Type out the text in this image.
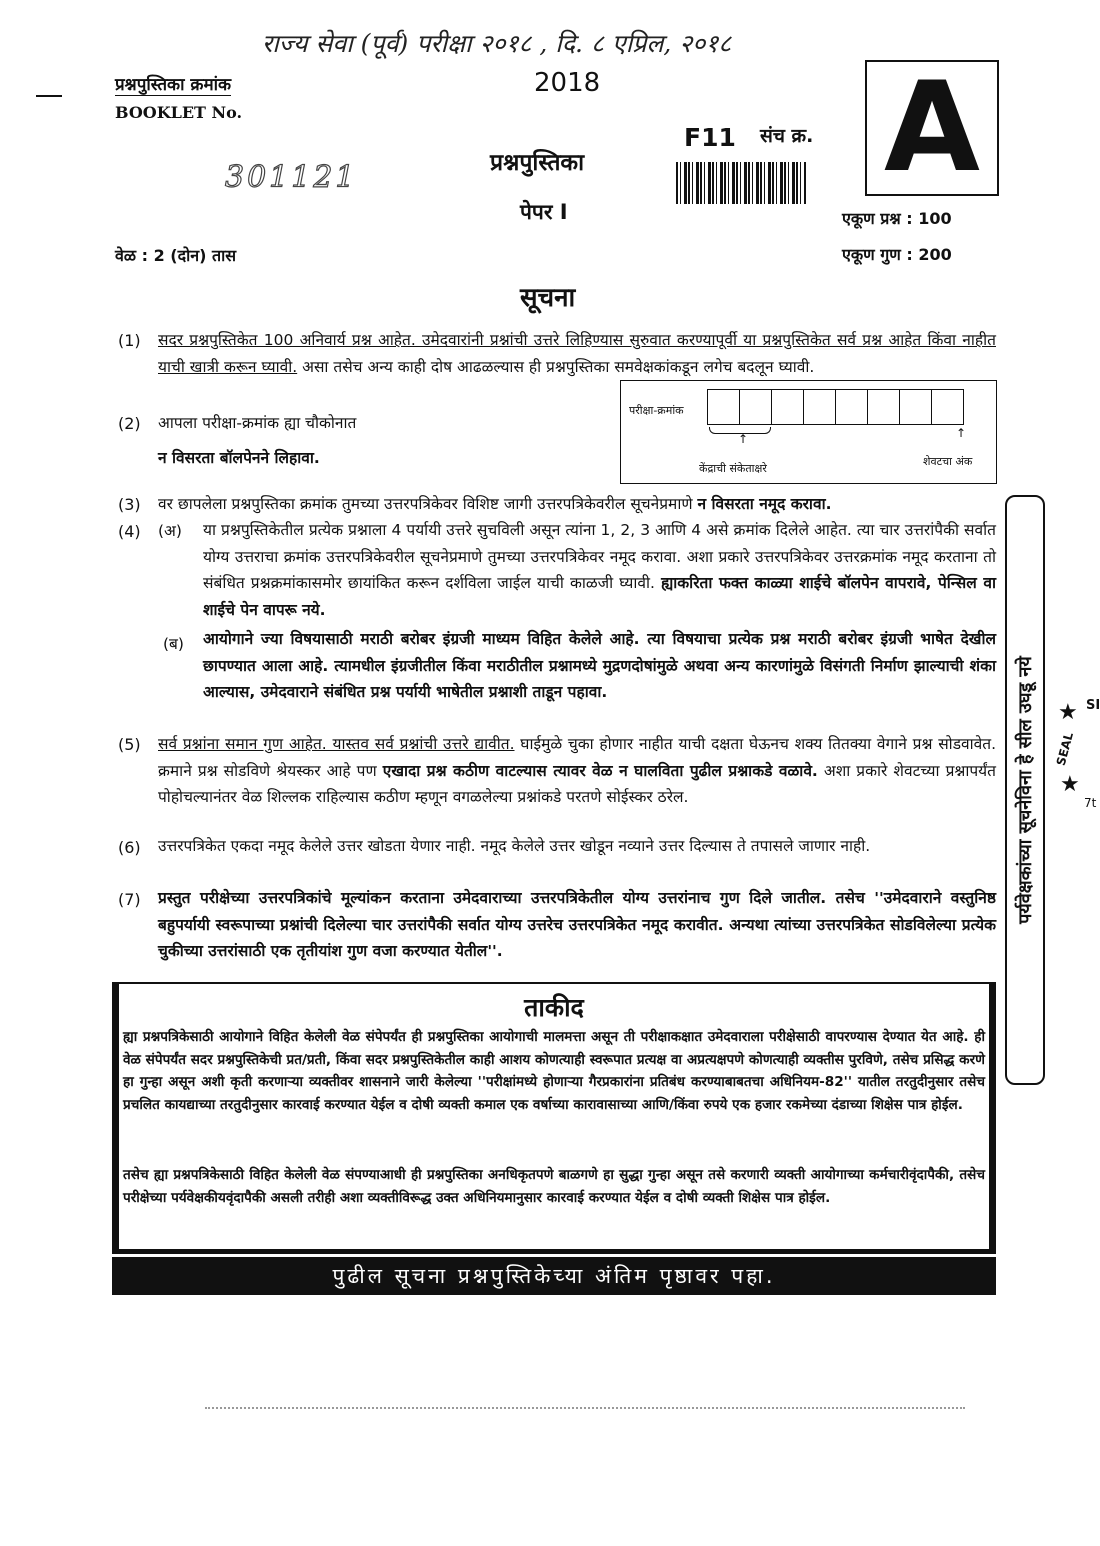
राज्य सेवा (पूर्व) परीक्षा २०१८ , दि. ८ एप्रिल, २०१८
प्रश्नपुस्तिका क्रमांक
BOOKLET No.
301121
2018
प्रश्नपुस्तिका
पेपर I
F11 संच क्र. A
एकूण प्रश्न : 100
एकूण गुण : 200
वेळ : 2 (दोन) तास
सूचना
(1) सदर प्रश्नपुस्तिकेत 100 अनिवार्य प्रश्न आहेत. उमेदवारांनी प्रश्नांची उत्तरे लिहिण्यास सुरुवात करण्यापूर्वी या प्रश्नपुस्तिकेत सर्व प्रश्न आहेत किंवा नाहीत याची खात्री करून घ्यावी. असा तसेच अन्य काही दोष आढळल्यास ही प्रश्नपुस्तिका समवेक्षकांकडून लगेच बदलून घ्यावी.
(2) आपला परीक्षा-क्रमांक ह्या चौकोनात
न विसरता बॉलपेनने लिहावा.
परीक्षा-क्रमांक
↑	↑
केंद्राची संकेताक्षरे
शेवटचा अंक
(3) वर छापलेला प्रश्नपुस्तिका क्रमांक तुमच्या उत्तरपत्रिकेवर विशिष्ट जागी उत्तरपत्रिकेवरील सूचनेप्रमाणे न विसरता नमूद करावा.
(4) (अ) या प्रश्नपुस्तिकेतील प्रत्येक प्रश्नाला 4 पर्यायी उत्तरे सुचविली असून त्यांना 1, 2, 3 आणि 4 असे क्रमांक दिलेले आहेत. त्या चार उत्तरांपैकी सर्वात योग्य उत्तराचा क्रमांक उत्तरपत्रिकेवरील सूचनेप्रमाणे तुमच्या उत्तरपत्रिकेवर नमूद करावा. अशा प्रकारे उत्तरपत्रिकेवर उत्तरक्रमांक नमूद करताना तो संबंधित प्रश्नक्रमांकासमोर छायांकित करून दर्शविला जाईल याची काळजी घ्यावी. ह्याकरिता फक्त काळ्या शाईचे बॉलपेन वापरावे, पेन्सिल वा शाईचे पेन वापरू नये.
(ब) आयोगाने ज्या विषयासाठी मराठी बरोबर इंग्रजी माध्यम विहित केलेले आहे. त्या विषयाचा प्रत्येक प्रश्न मराठी बरोबर इंग्रजी भाषेत देखील छापण्यात आला आहे. त्यामधील इंग्रजीतील किंवा मराठीतील प्रश्नामध्ये मुद्रणदोषांमुळे अथवा अन्य कारणांमुळे विसंगती निर्माण झाल्याची शंका आल्यास, उमेदवाराने संबंधित प्रश्न पर्यायी भाषेतील प्रश्नाशी ताडून पहावा.
(5) सर्व प्रश्नांना समान गुण आहेत. यास्तव सर्व प्रश्नांची उत्तरे द्यावीत. घाईमुळे चुका होणार नाहीत याची दक्षता घेऊनच शक्य तितक्या वेगाने प्रश्न सोडवावेत. क्रमाने प्रश्न सोडविणे श्रेयस्कर आहे पण एखादा प्रश्न कठीण वाटल्यास त्यावर वेळ न घालविता पुढील प्रश्नाकडे वळावे. अशा प्रकारे शेवटच्या प्रश्नापर्यंत पोहोचल्यानंतर वेळ शिल्लक राहिल्यास कठीण म्हणून वगळलेल्या प्रश्नांकडे परतणे सोईस्कर ठरेल.
(6) उत्तरपत्रिकेत एकदा नमूद केलेले उत्तर खोडता येणार नाही. नमूद केलेले उत्तर खोडून नव्याने उत्तर दिल्यास ते तपासले जाणार नाही.
(7) प्रस्तुत परीक्षेच्या उत्तरपत्रिकांचे मूल्यांकन करताना उमेदवाराच्या उत्तरपत्रिकेतील योग्य उत्तरांनाच गुण दिले जातील. तसेच ''उमेदवाराने वस्तुनिष्ठ बहुपर्यायी स्वरूपाच्या प्रश्नांची दिलेल्या चार उत्तरांपैकी सर्वात योग्य उत्तरेच उत्तरपत्रिकेत नमूद करावीत. अन्यथा त्यांच्या उत्तरपत्रिकेत सोडविलेल्या प्रत्येक चुकीच्या उत्तरांसाठी एक तृतीयांश गुण वजा करण्यात येतील''.
ताकीद
ह्या प्रश्नपत्रिकेसाठी आयोगाने विहित केलेली वेळ संपेपर्यंत ही प्रश्नपुस्तिका आयोगाची मालमत्ता असून ती परीक्षाकक्षात उमेदवाराला परीक्षेसाठी वापरण्यास देण्यात येत आहे. ही वेळ संपेपर्यंत सदर प्रश्नपुस्तिकेची प्रत/प्रती, किंवा सदर प्रश्नपुस्तिकेतील काही आशय कोणत्याही स्वरूपात प्रत्यक्ष वा अप्रत्यक्षपणे कोणत्याही व्यक्तीस पुरविणे, तसेच प्रसिद्ध करणे हा गुन्हा असून अशी कृती करणाऱ्या व्यक्तीवर शासनाने जारी केलेल्या ''परीक्षांमध्ये होणाऱ्या गैरप्रकारांना प्रतिबंध करण्याबाबतचा अधिनियम-82'' यातील तरतुदीनुसार तसेच प्रचलित कायद्याच्या तरतुदीनुसार कारवाई करण्यात येईल व दोषी व्यक्ती कमाल एक वर्षाच्या कारावासाच्या आणि/किंवा रुपये एक हजार रकमेच्या दंडाच्या शिक्षेस पात्र होईल.
तसेच ह्या प्रश्नपत्रिकेसाठी विहित केलेली वेळ संपण्याआधी ही प्रश्नपुस्तिका अनधिकृतपणे बाळगणे हा सुद्धा गुन्हा असून तसे करणारी व्यक्ती आयोगाच्या कर्मचारीवृंदापैकी, तसेच परीक्षेच्या पर्यवेक्षकीयवृंदापैकी असली तरीही अशा व्यक्तीविरूद्ध उक्त अधिनियमानुसार कारवाई करण्यात येईल व दोषी व्यक्ती शिक्षेस पात्र होईल.
पुढील सूचना प्रश्नपुस्तिकेच्या अंतिम पृष्ठावर पहा.
पर्यवेक्षकांच्या सूचनेविना हे सील उघडू नये ★ SI
SEAL
★
7t
